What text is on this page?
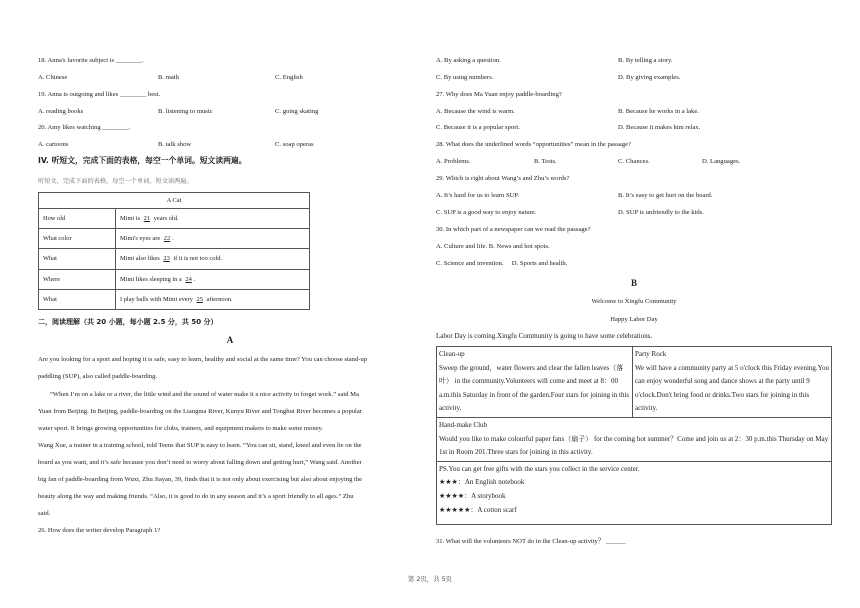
18. Anna's favorite subject is ________.
A. Chinese	B. math	C. English
19. Anna is outgoing and likes ________ best.
A. reading books	B. listening to music	C. going skating
20. Amy likes watching ________.
A. cartoons	B. talk show	C. soap operas
IV. 听短文，完成下面的表格，每空一个单词。短文读两遍。
听短文，完成下面的表格，每空一个单词。短文读两遍。
A Cat	
How old	Mimi is 21 years old.
What color	Mimi's eyes are 22 .
What	Mimi also likes 23 if it is not too cold.
Where	Mimi likes sleeping in a 24 .
What	I play balls with Mimi every 25 afternoon.
二，阅读理解（共 20 小题，每小题 2.5 分，共 50 分）
A
Are you looking for a sport and hoping it is safe, easy to learn, healthy and social at the same time? You can choose stand-up
paddling (SUP), also called paddle-boarding.
“When I’m on a lake or a river, the little wind and the sound of water make it a nice activity to forget work.” said Ma
Yuan from Beijing. In Beijing, paddle-boarding on the Liangma River, Kunyu River and Tonghui River becomes a popular
water sport. It brings growing opportunities for clubs, trainers, and equipment makers to make some money.
Wang Xue, a trainer in a training school, told Teens that SUP is easy to learn. “You can sit, stand, kneel and even lie on the
board as you want, and it’s safe because you don’t need to worry about falling down and getting hurt,” Wang said. Another
big fan of paddle-boarding from Wuxi, Zhu Jiayan, 39, finds that it is not only about exercising but also about enjoying the
beauty along the way and making friends. “Also, it is good to do in any season and it’s a sport friendly to all ages.” Zhu
said.
26. How does the writer develop Paragraph 1?
A. By asking a question.	B. By telling a story.
C. By using numbers.	D. By giving examples.
27. Why does Ma Yuan enjoy paddle-boarding?
A. Because the wind is warm.	B. Because he works in a lake.
C. Because it is a popular sport.	D. Because it makes him relax.
28. What does the underlined words “opportunities” mean in the passage?
A. Problems.	B. Tests.	C. Chances.	D. Languages.
29. Which is right about Wang’s and Zhu’s words?
A. It’s hard for us to learn SUP.	B. It’s easy to get hurt on the board.
C. SUP is a good way to enjoy nature.	D. SUP is unfriendly to the kids.
30. In which part of a newspaper can we read the passage?
A. Culture and life. B. News and hot spots.
C. Science and invention.     D. Sports and health.
B
Welcome to Xingfu Community
Happy Labor Day
Labor Day is coming.Xingfu Community is going to have some celebrations.
Clean-up
Sweep the ground，water flowers and clear the fallen leaves（落叶） in the community.Volunteers will come and meet at 8：00 a.m.this Saturday in front of the garden.Four stars for joining in this activity.

Party Rock
We will have a community party at 5 o'clock this Friday evening.You can enjoy wonderful song and dance shows at the party until 9 o'clock.Don't bring food or drinks.Two stars for joining in this activity.

Hand-make Club
Would you like to make colourful paper fans（扇子） for the coming hot summer？Come and join us at 2：30 p.m.this Thursday on May 1st in Room 201.Three stars for joining in this activity.

PS.You can get free gifts with the stars you collect in the service center.
★★★：An English notebook
★★★★：A storybook
★★★★★：A cotton scarf
31. What will the volunteers NOT do in the Clean-up activity？ ______
第 2页，共 5页
